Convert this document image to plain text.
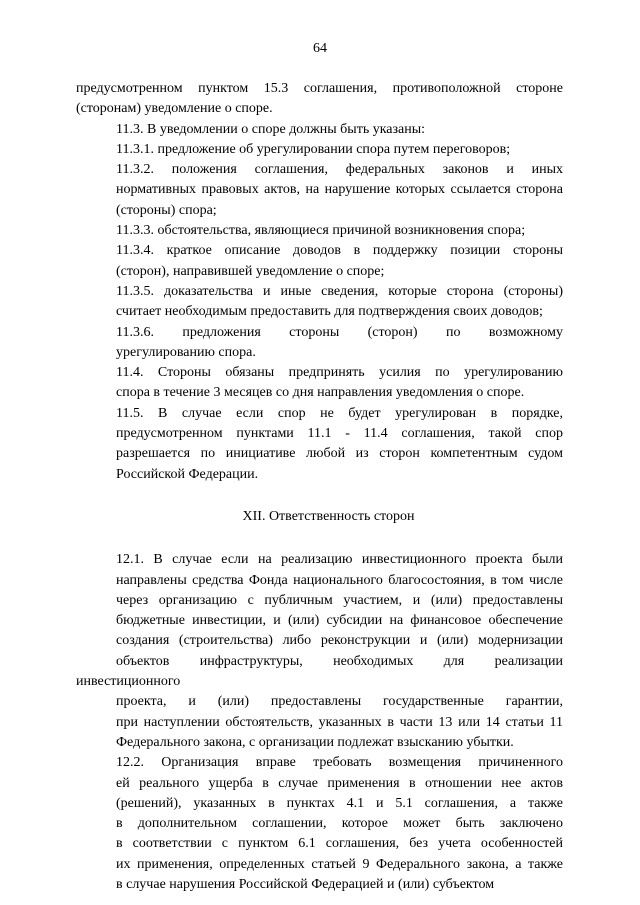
64

предусмотренном пунктом 15.3 соглашения, противоположной стороне
(сторонам) уведомление о споре.

11.3. В уведомлении о споре должны быть указаны:

11.3.1. предложение об урегулировании спора путем переговоров;

11.3.2. положения соглашения, федеральных законов и иных
нормативных правовых актов, на нарушение которых ссылается сторона
(стороны) спора;

11.3.3. обстоятельства, являющиеся причиной возникновения спора;

11.3.4. краткое описание доводов в поддержку позиции стороны
(сторон), направившей уведомление о споре;

11.3.5. доказательства и иные сведения, которые сторона (стороны)
считает необходимым предоставить для подтверждения своих доводов;

11.3.6. предложения стороны (сторон) по возможному
урегулированию спора.

11.4. Стороны обязаны предпринять усилия по урегулированию
спора в течение 3 месяцев со дня направления уведомления о споре.

11.5. В случае если спор не будет урегулирован в порядке,
предусмотренном пунктами 11.1 - 11.4 соглашения, такой спор
разрешается по инициативе любой из сторон компетентным судом
Российской Федерации.

XII. Ответственность сторон

12.1. В случае если на реализацию инвестиционного проекта были
направлены средства Фонда национального благосостояния, в том числе
через организацию с публичным участием, и (или) предоставлены
бюджетные инвестиции, и (или) субсидии на финансовое обеспечение
создания (строительства) либо реконструкции и (или) модернизации
объектов инфраструктуры, необходимых для реализации инвестиционного
проекта, и (или) предоставлены государственные гарантии,
при наступлении обстоятельств, указанных в части 13 или 14 статьи 11
Федерального закона, с организации подлежат взысканию убытки.

12.2. Организация вправе требовать возмещения причиненного
ей реального ущерба в случае применения в отношении нее актов
(решений), указанных в пунктах 4.1 и 5.1 соглашения, а также
в дополнительном соглашении, которое может быть заключено
в соответствии с пунктом 6.1 соглашения, без учета особенностей
их применения, определенных статьей 9 Федерального закона, а также
в случае нарушения Российской Федерацией и (или) субъектом
